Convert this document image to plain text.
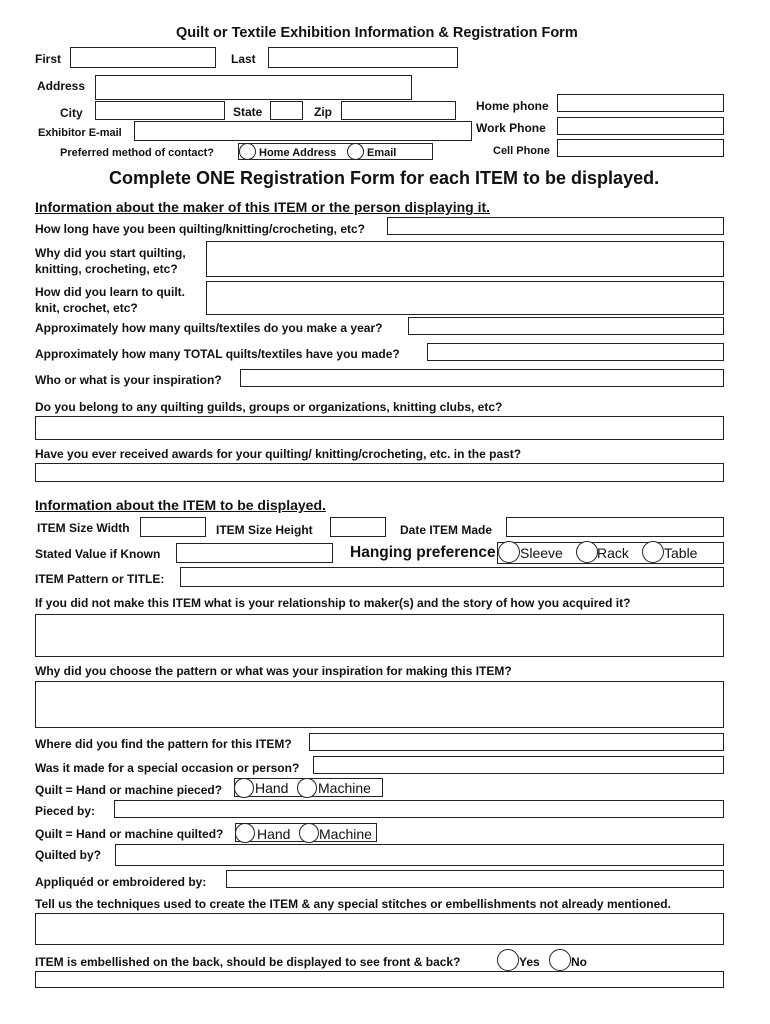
Quilt or Textile Exhibition Information & Registration Form
First	Last
Address
City	State	Zip
Exhibitor E-mail
Preferred method of contact?	Home Address	Email
Home phone
Work Phone
Cell Phone
Complete ONE Registration Form for each ITEM to be displayed.
Information about the maker of this ITEM or the person displaying it.
How long have you been quilting/knitting/crocheting, etc?
Why did you start quilting,
knitting, crocheting, etc?
How did you learn to quilt.
knit, crochet, etc?
Approximately how many quilts/textiles do you make a year?
Approximately how many TOTAL quilts/textiles have you made?
Who or what is your inspiration?
Do you belong to any quilting guilds, groups or organizations, knitting clubs, etc?
Have you ever received awards for your quilting/ knitting/crocheting, etc. in the past?
Information about the ITEM to be displayed.
ITEM Size Width	ITEM Size Height	Date ITEM Made
Stated Value if Known	Hanging preference Sleeve Rack	Table
ITEM Pattern or TITLE:
If you did not make this ITEM what is your relationship to maker(s) and the story of how you acquired it?
Why did you choose the pattern or what was your inspiration for making this ITEM?
Where did you find the pattern for this ITEM?
Was it made for a special occasion or person?
Quilt = Hand or machine pieced? Hand Machine
Pieced by:
Quilt = Hand or machine quilted? Hand Machine
Quilted by?
Appliquéd or embroidered by:
Tell us the techniques used to create the ITEM & any special stitches or embellishments not already mentioned.
ITEM is embellished on the back, should be displayed to see front & back?	Yes	No
